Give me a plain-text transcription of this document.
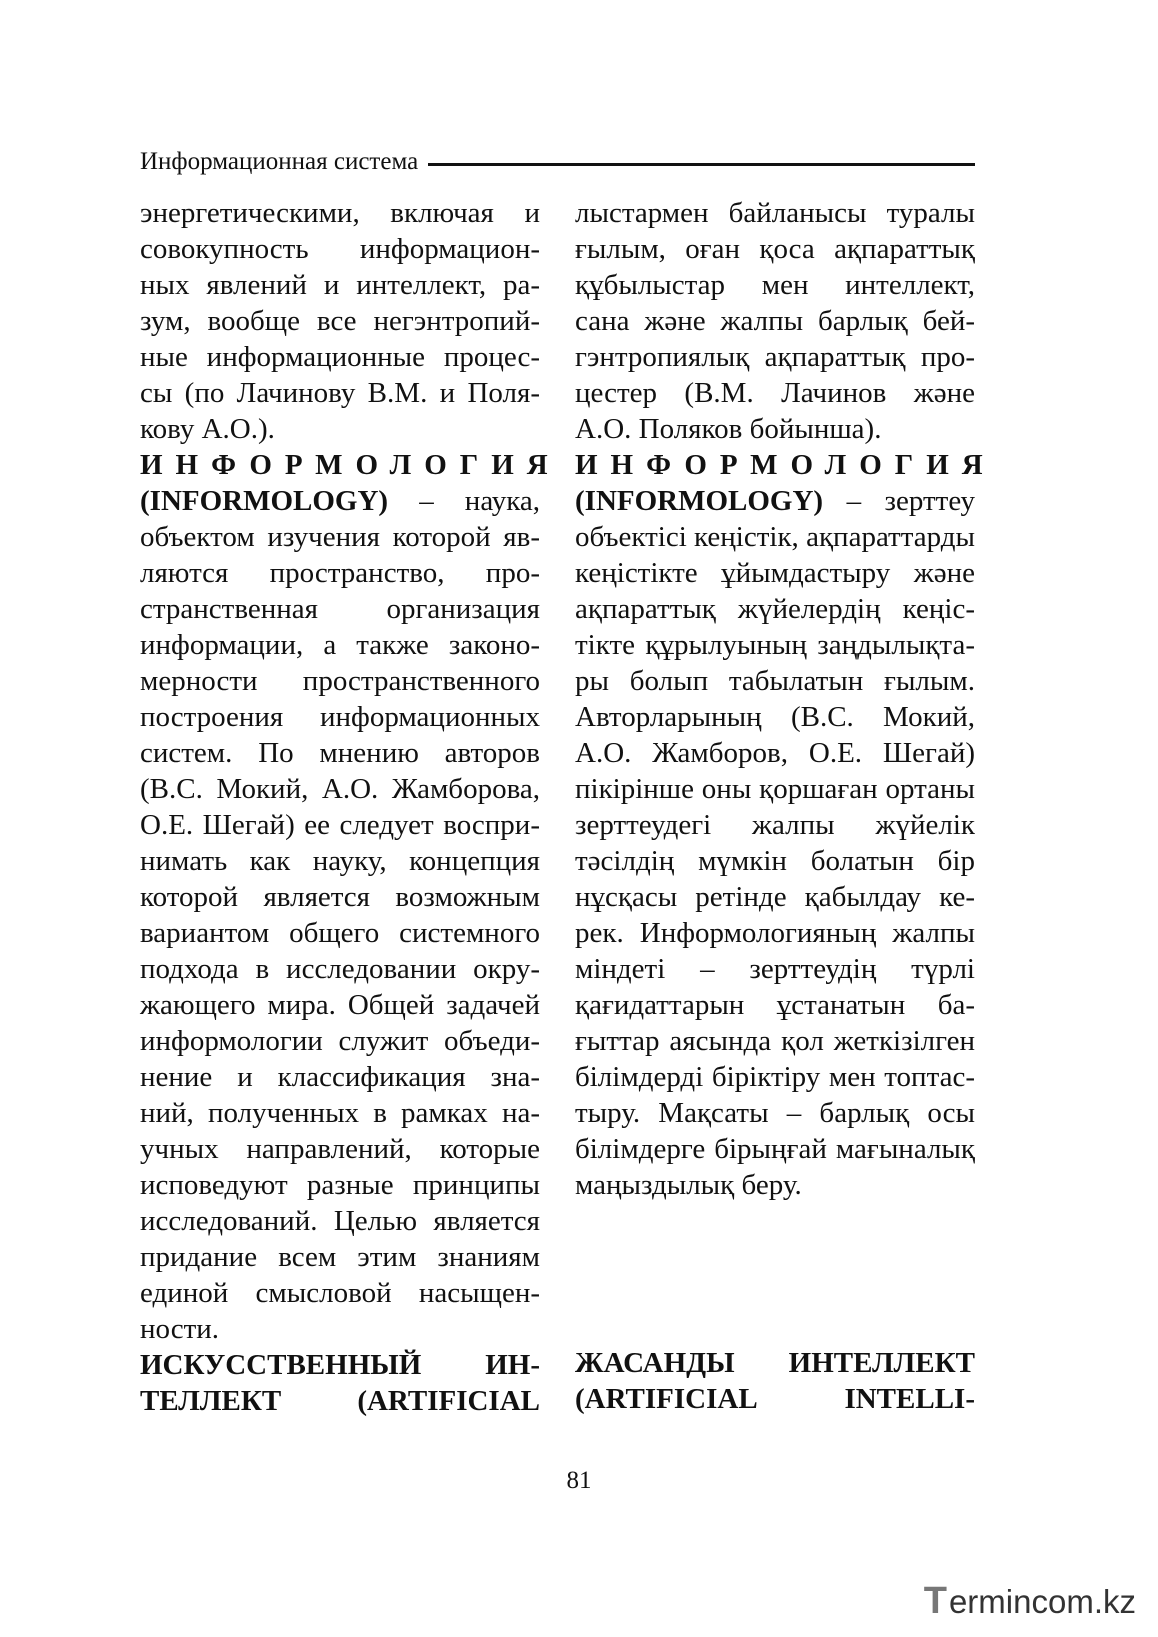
Информационная система

энергетическими, включая и

совокупность информацион-

ных явлений и интеллект, ра-

зум, вообще все негэнтропий-

ные информационные процес-

сы (по Лачинову В.М. и Поля-

кову А.О.).

ИНФОРМОЛОГИЯ

(INFORMOLOGY) – наука,

объектом изучения которой яв-

ляются пространство, про-

странственная организация

информации, а также законо-

мерности пространственного

построения информационных

систем. По мнению авторов

(В.С. Мокий, А.О. Жамборова,

О.Е. Шегай) ее следует воспри-

нимать как науку, концепция

которой является возможным

вариантом общего системного

подхода в исследовании окру-

жающего мира. Общей задачей

информологии служит объеди-

нение и классификация зна-

ний, полученных в рамках на-

учных направлений, которые

исповедуют разные принципы

исследований. Целью является

придание всем этим знаниям

единой смысловой насыщен-

ности.

ИСКУССТВЕННЫЙ ИН-

ТЕЛЛЕКТ (ARTIFICIAL

лыстармен байланысы туралы

ғылым, оған қоса ақпараттық

құбылыстар мен интеллект,

сана және жалпы барлық бей-

гэнтропиялық ақпараттық про-

цестер (В.М. Лачинов және

А.О. Поляков бойынша).

ИНФОРМОЛОГИЯ

(INFORMOLOGY) – зерттеу

объектісі кеңістік, ақпараттарды

кеңістікте ұйымдастыру және

ақпараттық жүйелердің кеңіс-

тікте құрылуының заңдылықта-

ры болып табылатын ғылым.

Авторларының (В.С. Мокий,

А.О. Жамборов, О.Е. Шегай)

пікірінше оны қоршаған ортаны

зерттеудегі жалпы жүйелік

тәсілдің мүмкін болатын бір

нұсқасы ретінде қабылдау ке-

рек. Информологияның жалпы

міндеті – зерттеудің түрлі

қағидаттарын ұстанатын ба-

ғыттар аясында қол жеткізілген

білімдерді біріктіру мен топтас-

тыру. Мақсаты – барлық осы

білімдерге бірыңғай мағыналық

маңыздылық беру.

ЖАСАНДЫ ИНТЕЛЛЕКТ

(ARTIFICIAL INTELLI-

81
T ermincо m.kz
